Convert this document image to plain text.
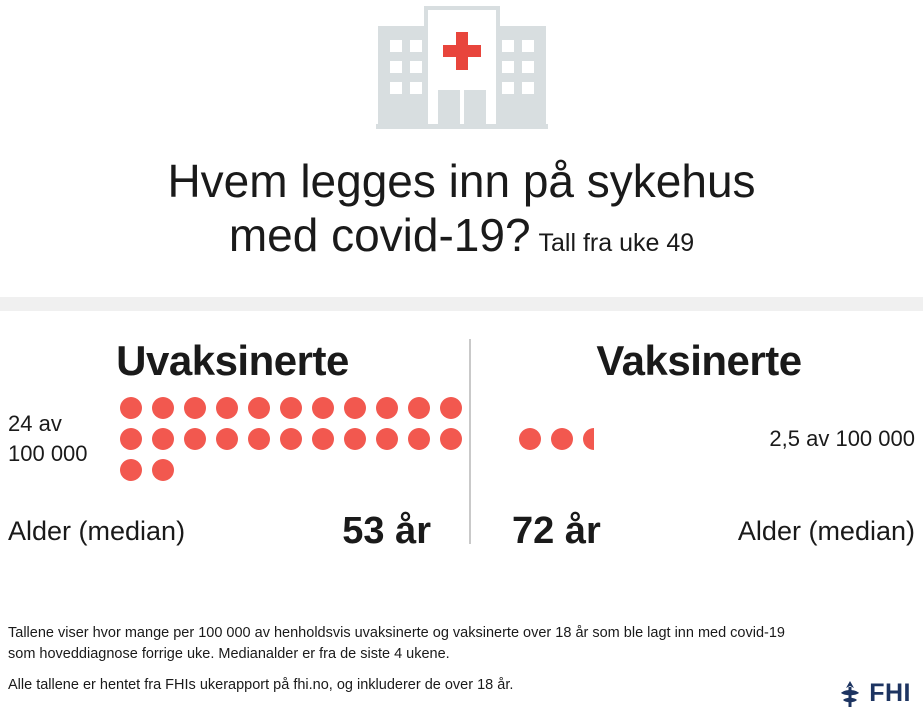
Hvem legges inn på sykehus
med covid-19? Tall fra uke 49
Uvaksinerte	Vaksinerte
24 av
100 000
2,5 av 100 000
Alder (median)	53 år	72 år	Alder (median)

Tallene viser hvor mange per 100 000 av henholdsvis uvaksinerte og vaksinerte over 18 år som ble lagt inn med covid-19 som hoveddiagnose forrige uke. Medianalder er fra de siste 4 ukene.

Alle tallene er hentet fra FHIs ukerapport på fhi.no, og inkluderer de over 18 år.	FHI
